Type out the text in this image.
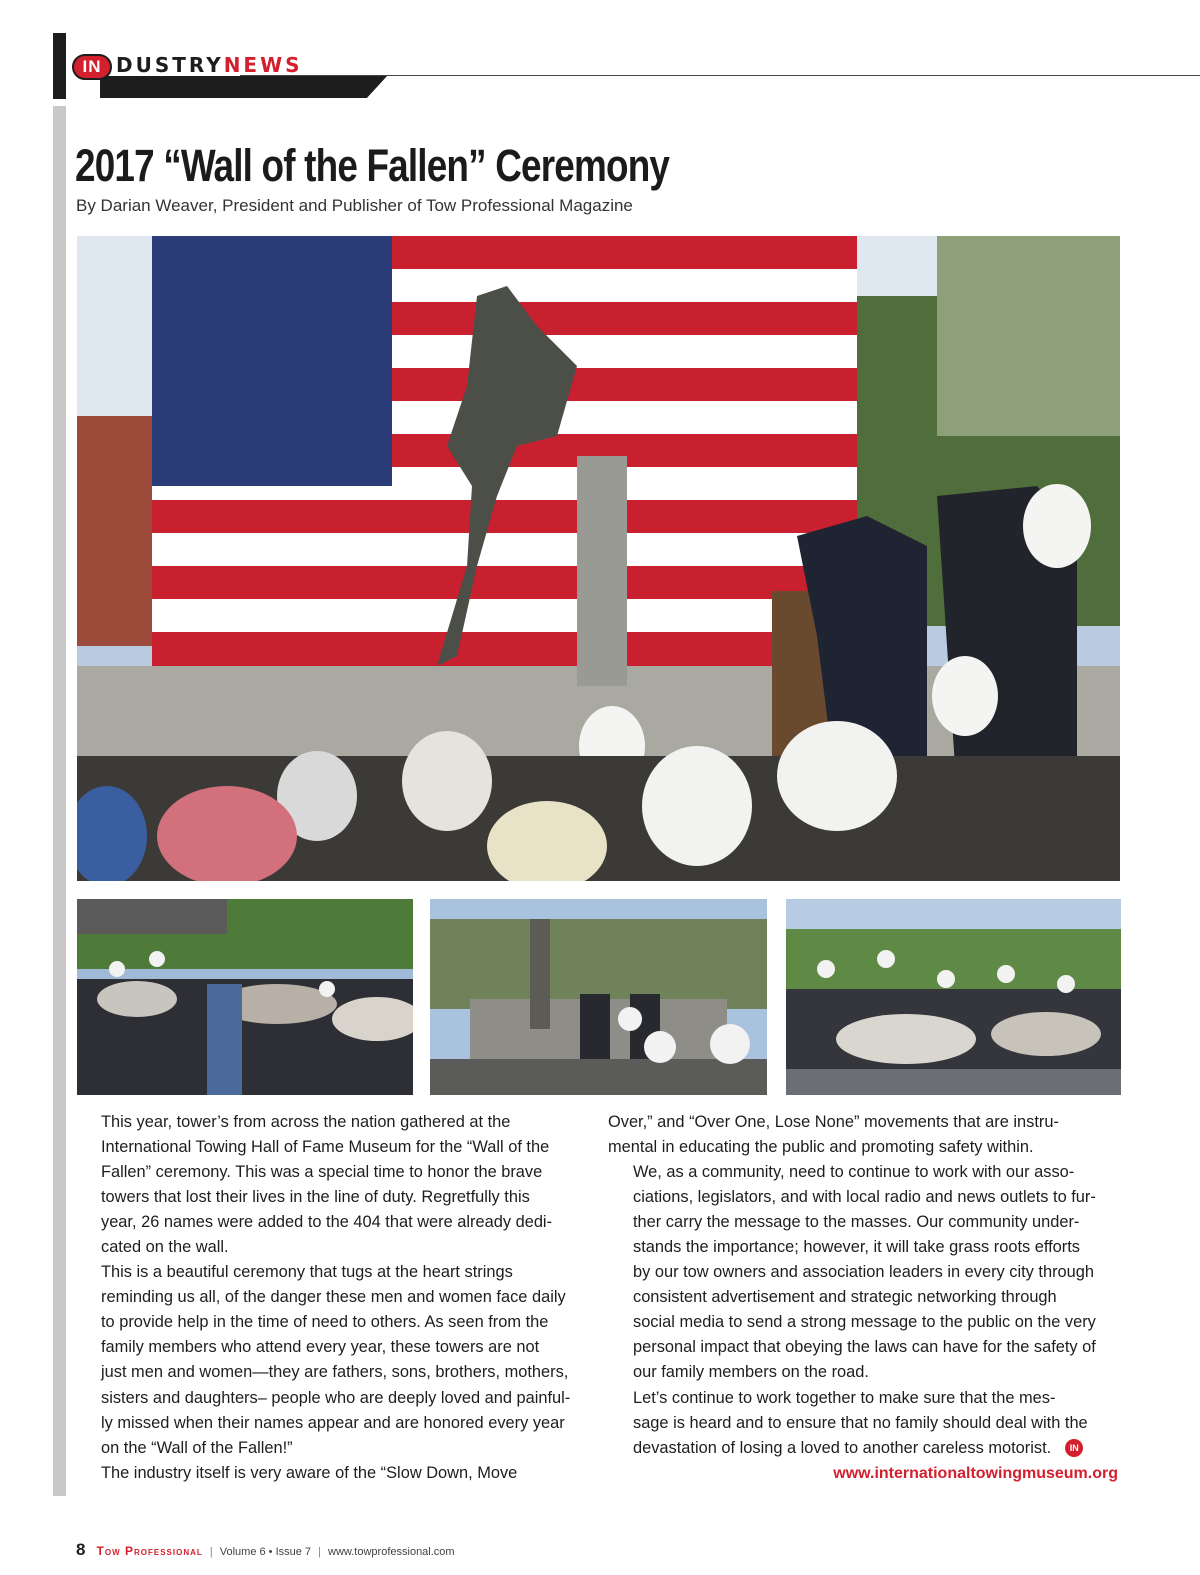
IN DUSTRYNEWS
2017 “Wall of the Fallen” Ceremony
By Darian Weaver, President and Publisher of Tow Professional Magazine

This year, tower’s from across the nation gathered at the
International Towing Hall of Fame Museum for the “Wall of the
Fallen” ceremony. This was a special time to honor the brave
towers that lost their lives in the line of duty. Regretfully this
year, 26 names were added to the 404 that were already dedi-
cated on the wall.

This is a beautiful ceremony that tugs at the heart strings
reminding us all, of the danger these men and women face daily
to provide help in the time of need to others. As seen from the
family members who attend every year, these towers are not
just men and women—they are fathers, sons, brothers, mothers,
sisters and daughters– people who are deeply loved and painful-
ly missed when their names appear and are honored every year
on the “Wall of the Fallen!”

The industry itself is very aware of the “Slow Down, Move

Over,” and “Over One, Lose None” movements that are instru-
mental in educating the public and promoting safety within.

We, as a community, need to continue to work with our asso-
ciations, legislators, and with local radio and news outlets to fur-
ther carry the message to the masses. Our community under-
stands the importance; however, it will take grass roots efforts
by our tow owners and association leaders in every city through
consistent advertisement and strategic networking through
social media to send a strong message to the public on the very
personal impact that obeying the laws can have for the safety of
our family members on the road.

Let’s continue to work together to make sure that the mes-
sage is heard and to ensure that no family should deal with the
devastation of losing a loved to another careless motorist. IN

www.internationaltowingmuseum.org
8 Tow Professional | Volume 6 • Issue 7 | www.towprofessional.com
